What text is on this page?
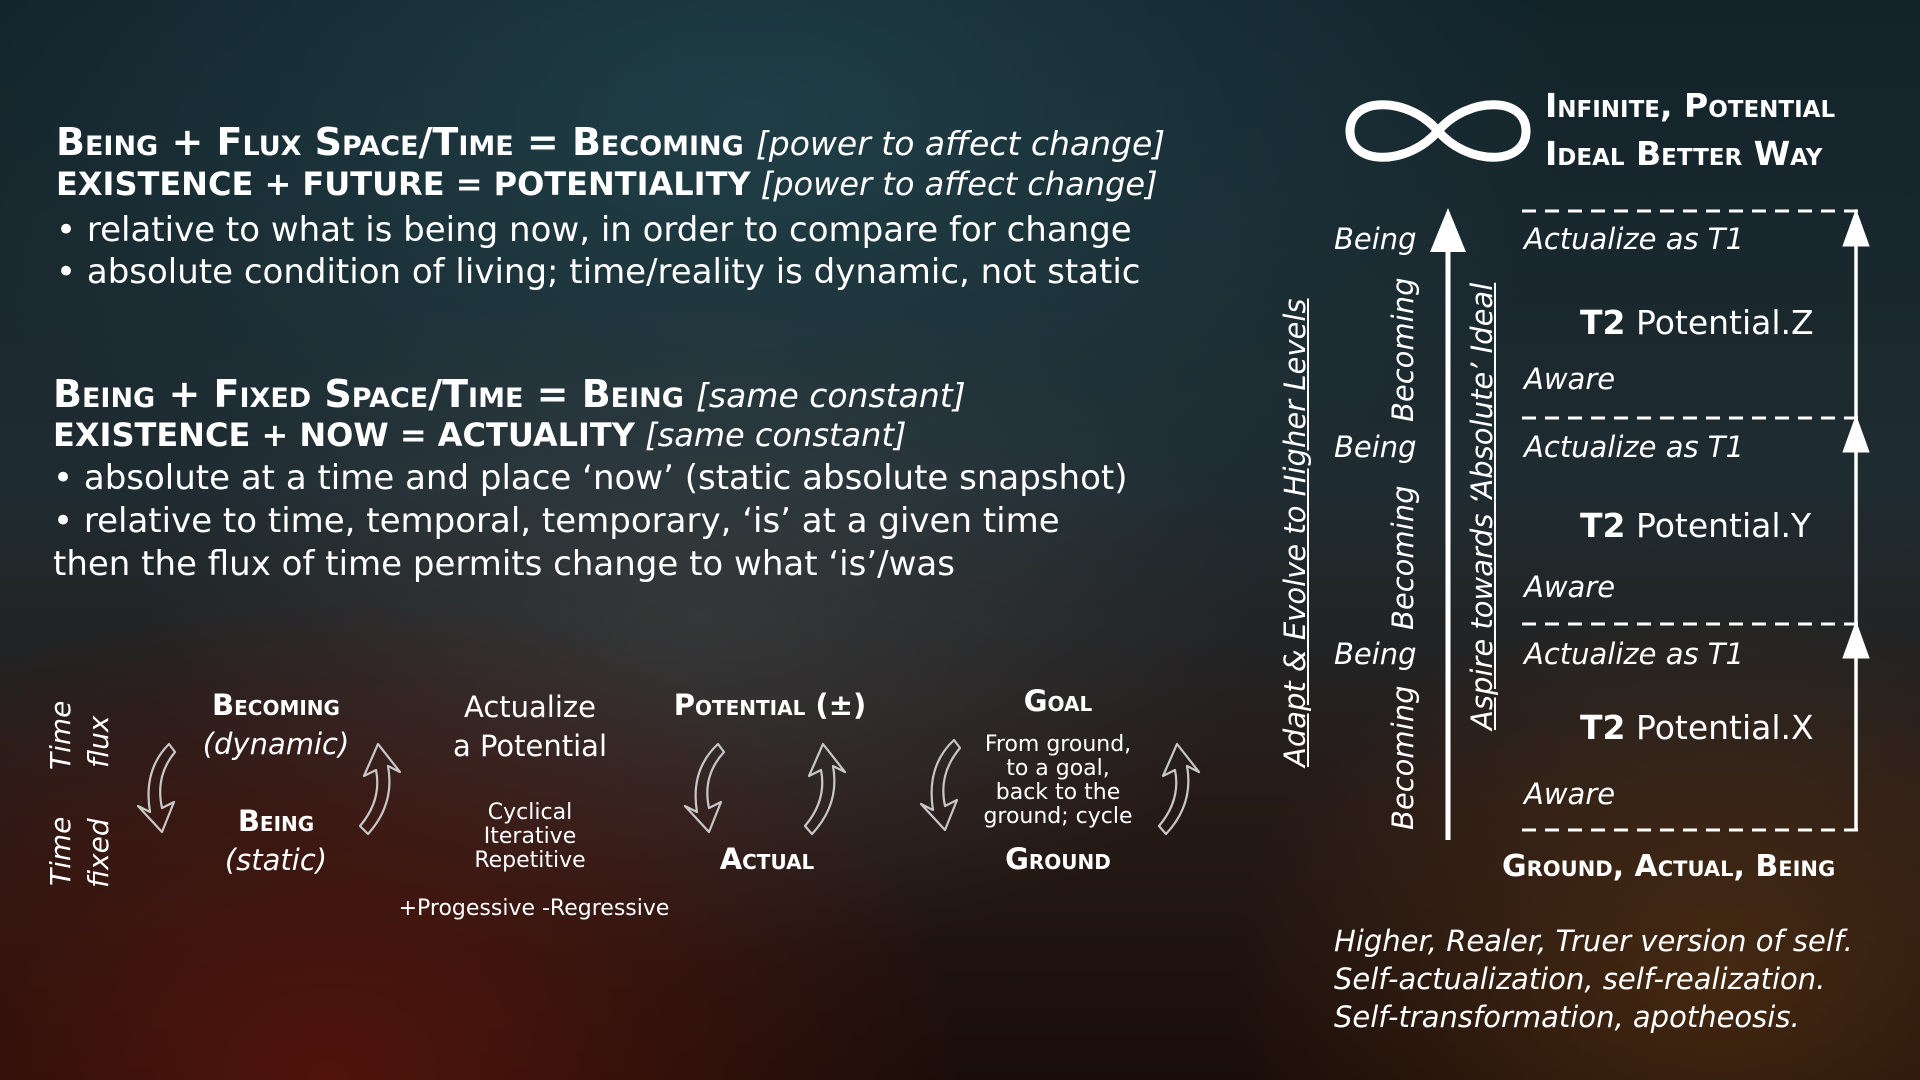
Being + Flux Space/Time = Becoming [power to affect change]
EXISTENCE + FUTURE = POTENTIALITY [power to affect change]
• relative to what is being now, in order to compare for change
• absolute condition of living; time/reality is dynamic, not static
Being + Fixed Space/Time = Being [same constant]
EXISTENCE + NOW = ACTUALITY [same constant]
• absolute at a time and place ‘now’ (static absolute snapshot)
• relative to time, temporal, temporary, ‘is’ at a given time
then the flux of time permits change to what ‘is’/was
Time flux
Time fixed
Becoming
(dynamic)
Being
(static)
Actualize
a Potential
Cyclical
Iterative
Repetitive
+Progessive -Regressive
Potential (±)
Actual
Goal
From ground,
to a goal,
back to the
ground; cycle
Ground
Infinite, Potential
Ideal Better Way
Adapt & Evolve to Higher Levels	Aspire towards ‘Absolute’ Ideal
Being
Being
Being
Becoming
Becoming
Becoming
Actualize as T1
T2 Potential.Z
Aware
Actualize as T1
T2 Potential.Y
Aware
Actualize as T1
T2 Potential.X
Aware
Ground, Actual, Being
Higher, Realer, Truer version of self.
Self-actualization, self-realization.
Self-transformation, apotheosis.
